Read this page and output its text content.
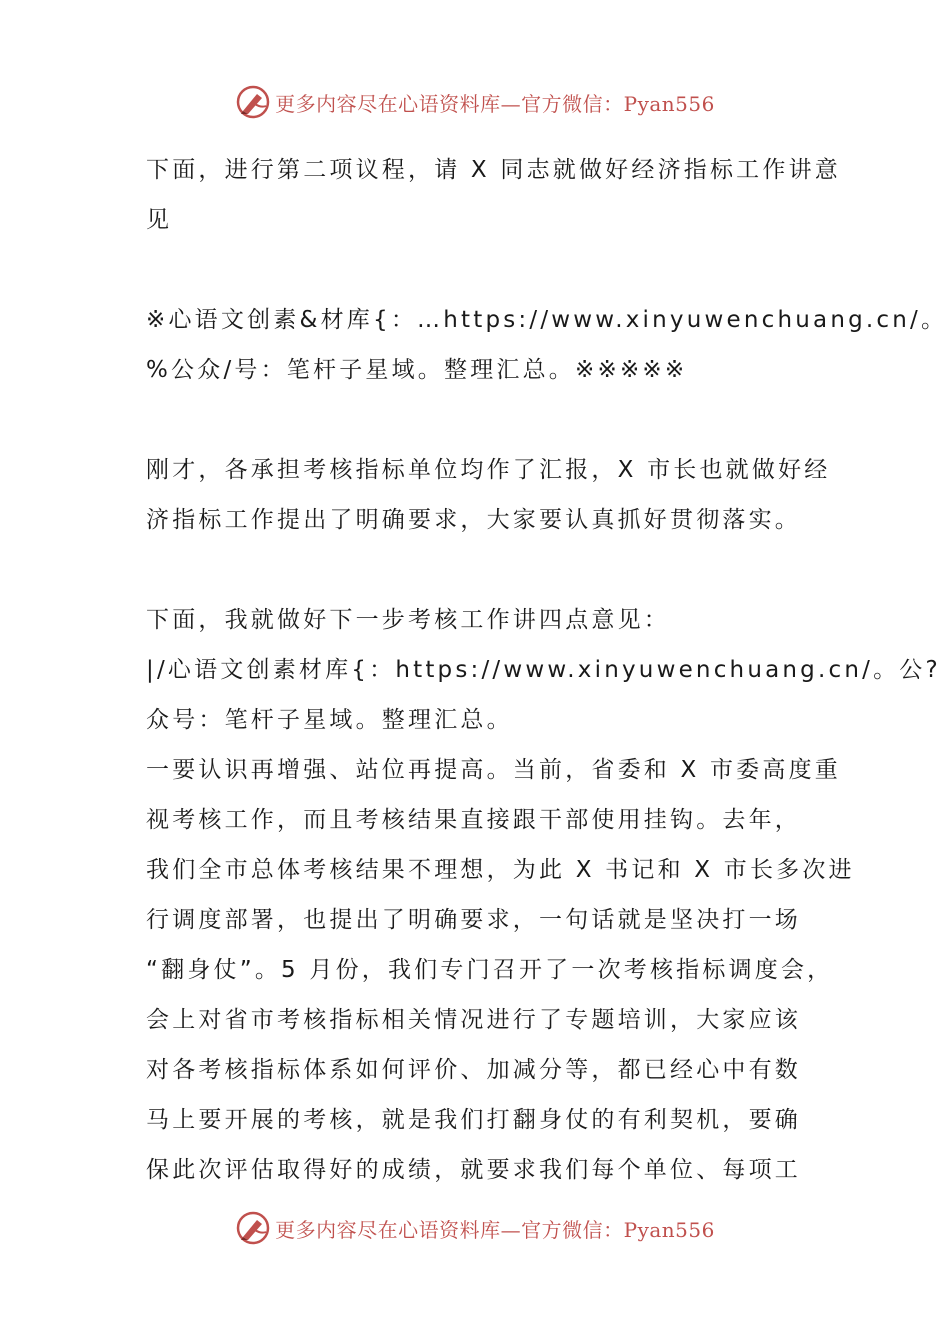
更多内容尽在心语资料库—官方微信：Pyan556
下面，进行第二项议程，请 X 同志就做好经济指标工作讲意
见
※心语文创素&材库{：…https://www.xinyuwenchuang.cn/。
%公众/号：笔杆子星域。整理汇总。※※※※※
刚才，各承担考核指标单位均作了汇报，X 市长也就做好经
济指标工作提出了明确要求，大家要认真抓好贯彻落实。
下面，我就做好下一步考核工作讲四点意见：
|/心语文创素材库{：https://www.xinyuwenchuang.cn/。公?
众号：笔杆子星域。整理汇总。
一要认识再增强、站位再提高。当前，省委和 X 市委高度重
视考核工作，而且考核结果直接跟干部使用挂钩。去年，
我们全市总体考核结果不理想，为此 X 书记和 X 市长多次进
行调度部署，也提出了明确要求，一句话就是坚决打一场
“翻身仗”。5 月份，我们专门召开了一次考核指标调度会，
会上对省市考核指标相关情况进行了专题培训，大家应该
对各考核指标体系如何评价、加减分等，都已经心中有数
马上要开展的考核，就是我们打翻身仗的有利契机，要确
保此次评估取得好的成绩，就要求我们每个单位、每项工
更多内容尽在心语资料库—官方微信：Pyan556
